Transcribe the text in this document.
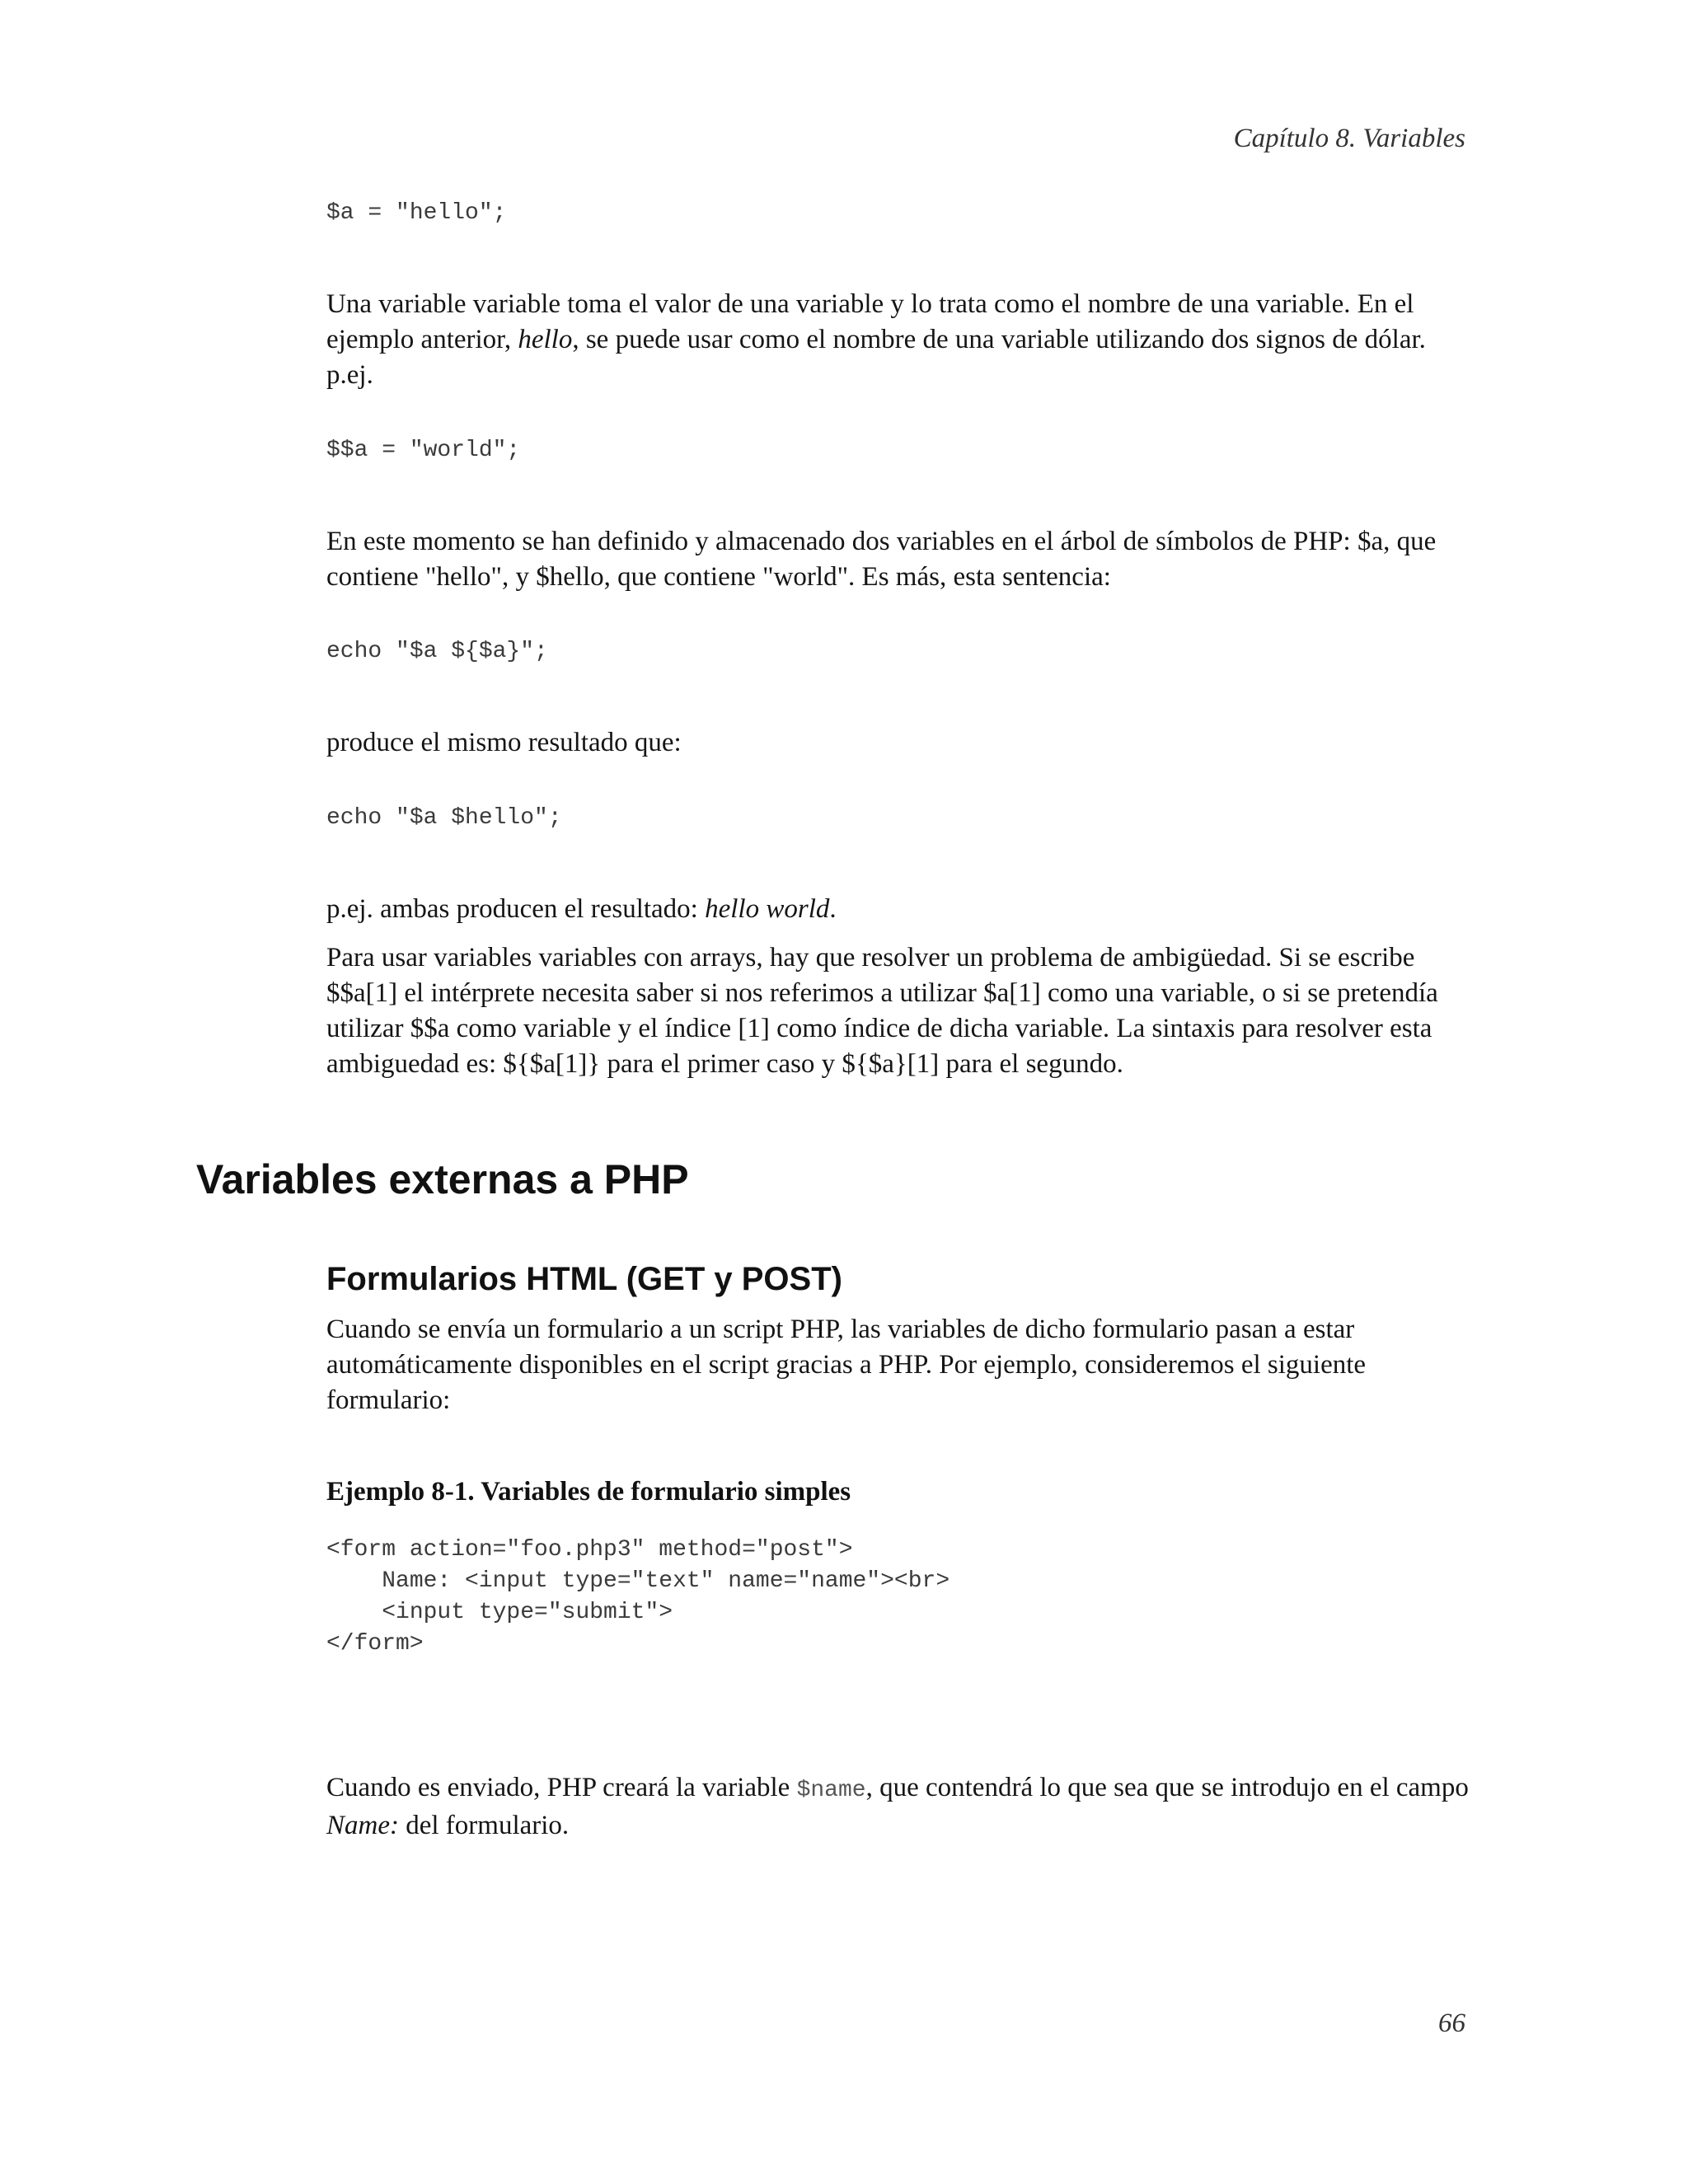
Capítulo 8. Variables
$a = "hello";

Una variable variable toma el valor de una variable y lo trata como el nombre de una variable. En el ejemplo anterior, hello, se puede usar como el nombre de una variable utilizando dos signos de dólar. p.ej.

$$a = "world";

En este momento se han definido y almacenado dos variables en el árbol de símbolos de PHP: $a, que contiene "hello", y $hello, que contiene "world". Es más, esta sentencia:

echo "$a ${$a}";

produce el mismo resultado que:

echo "$a $hello";

p.ej. ambas producen el resultado: hello world.

Para usar variables variables con arrays, hay que resolver un problema de ambigüedad. Si se escribe $$a[1] el intérprete necesita saber si nos referimos a utilizar $a[1] como una variable, o si se pretendía utilizar $$a como variable y el índice [1] como índice de dicha variable. La sintaxis para resolver esta ambiguedad es: ${$a[1]} para el primer caso y ${$a}[1] para el segundo.

Formularios HTML (GET y POST)

Cuando se envía un formulario a un script PHP, las variables de dicho formulario pasan a estar automáticamente disponibles en el script gracias a PHP. Por ejemplo, consideremos el siguiente formulario:

Ejemplo 8-1. Variables de formulario simples
<form action="foo.php3" method="post">
Name: <input type="text" name="name"><br>
<input type="submit">
</form>

Cuando es enviado, PHP creará la variable $name, que contendrá lo que sea que se introdujo en el campo Name: del formulario.

Variables externas a PHP
66
